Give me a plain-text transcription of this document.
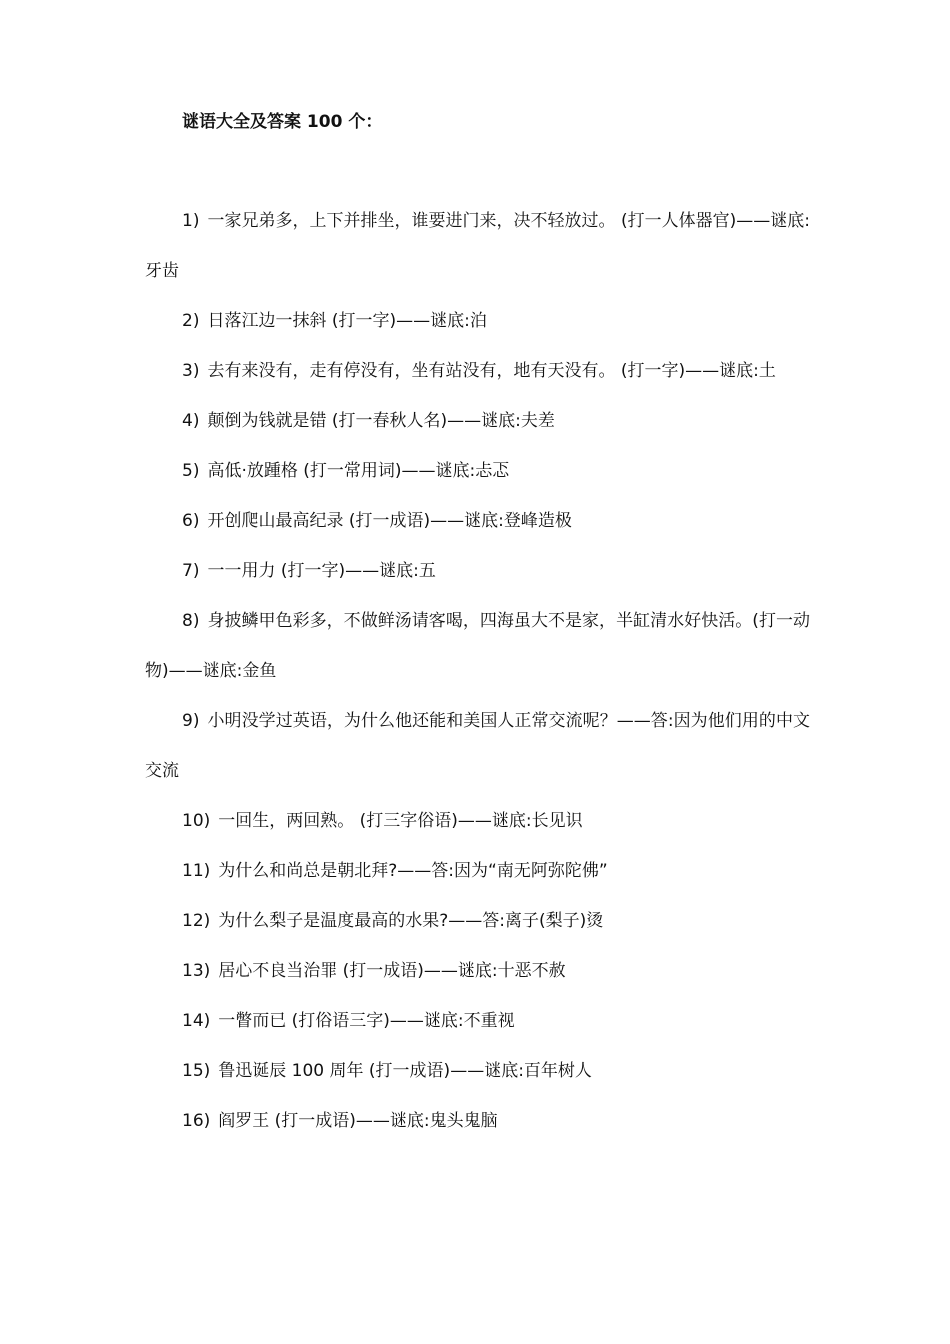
谜语大全及答案 100 个：
1) 一家兄弟多，上下并排坐，谁要进门来，决不轻放过。 (打一人体器官)——谜底:牙齿
2) 日落江边一抹斜 (打一字)——谜底:泊
3) 去有来没有，走有停没有，坐有站没有，地有天没有。 (打一字)——谜底:土
4) 颠倒为钱就是错 (打一春秋人名)——谜底:夫差
5) 高低·放踵格 (打一常用词)——谜底:忐忑
6) 开创爬山最高纪录 (打一成语)——谜底:登峰造极
7) 一一用力 (打一字)——谜底:五
8) 身披鳞甲色彩多，不做鲜汤请客喝，四海虽大不是家，半缸清水好快活。(打一动物)——谜底:金鱼
9) 小明没学过英语，为什么他还能和美国人正常交流呢？——答:因为他们用的中文交流
10) 一回生，两回熟。 (打三字俗语)——谜底:长见识
11) 为什么和尚总是朝北拜?——答:因为“南无阿弥陀佛”
12) 为什么梨子是温度最高的水果?——答:离子(梨子)烫
13) 居心不良当治罪 (打一成语)——谜底:十恶不赦
14) 一瞥而已 (打俗语三字)——谜底:不重视
15) 鲁迅诞辰 100 周年 (打一成语)——谜底:百年树人
16) 阎罗王 (打一成语)——谜底:鬼头鬼脑
